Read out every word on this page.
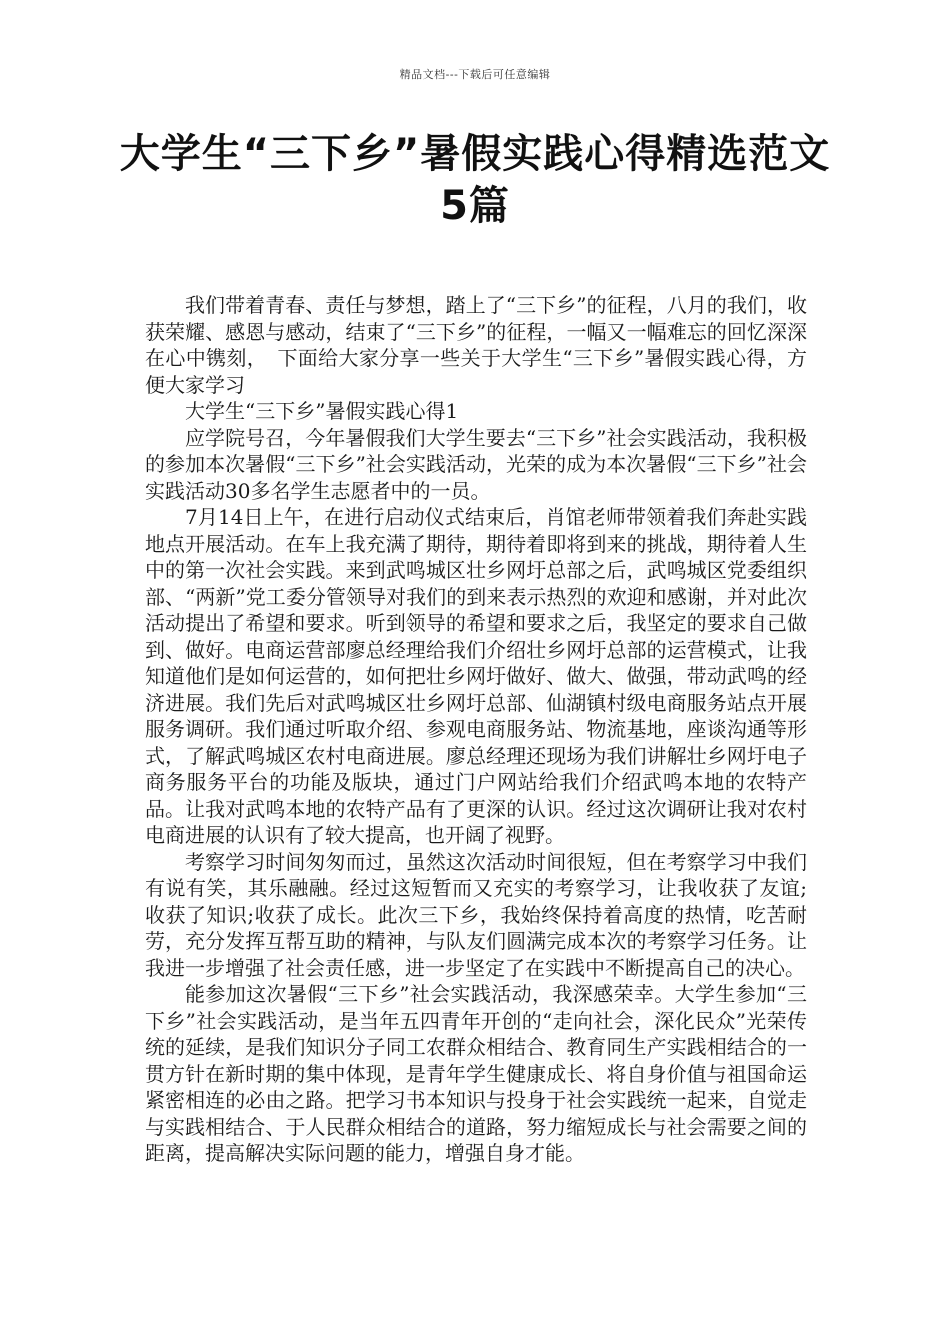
精品文档---下载后可任意编辑
大学生“三下乡”暑假实践心得精选范文5篇

我们带着青春、责任与梦想，踏上了“三下乡”的征程，八月的我们，收获荣耀、感恩与感动，结束了“三下乡”的征程，一幅又一幅难忘的回忆深深在心中镌刻，　下面给大家分享一些关于大学生“三下乡”暑假实践心得，方便大家学习

大学生“三下乡”暑假实践心得1

应学院号召，今年暑假我们大学生要去“三下乡”社会实践活动，我积极的参加本次暑假“三下乡”社会实践活动，光荣的成为本次暑假“三下乡”社会实践活动30多名学生志愿者中的一员。

7月14日上午，在进行启动仪式结束后，肖馆老师带领着我们奔赴实践地点开展活动。在车上我充满了期待，期待着即将到来的挑战，期待着人生中的第一次社会实践。来到武鸣城区壮乡网圩总部之后，武鸣城区党委组织部、“两新”党工委分管领导对我们的到来表示热烈的欢迎和感谢，并对此次活动提出了希望和要求。听到领导的希望和要求之后，我坚定的要求自己做到、做好。电商运营部廖总经理给我们介绍壮乡网圩总部的运营模式，让我知道他们是如何运营的，如何把壮乡网圩做好、做大、做强，带动武鸣的经济进展。我们先后对武鸣城区壮乡网圩总部、仙湖镇村级电商服务站点开展服务调研。我们通过听取介绍、参观电商服务站、物流基地，座谈沟通等形式，了解武鸣城区农村电商进展。廖总经理还现场为我们讲解壮乡网圩电子商务服务平台的功能及版块，通过门户网站给我们介绍武鸣本地的农特产品。让我对武鸣本地的农特产品有了更深的认识。经过这次调研让我对农村电商进展的认识有了较大提高，也开阔了视野。

考察学习时间匆匆而过，虽然这次活动时间很短，但在考察学习中我们有说有笑，其乐融融。经过这短暂而又充实的考察学习，让我收获了友谊;收获了知识;收获了成长。此次三下乡，我始终保持着高度的热情，吃苦耐劳，充分发挥互帮互助的精神，与队友们圆满完成本次的考察学习任务。让我进一步增强了社会责任感，进一步坚定了在实践中不断提高自己的决心。

能参加这次暑假“三下乡”社会实践活动，我深感荣幸。大学生参加“三下乡”社会实践活动，是当年五四青年开创的“走向社会，深化民众”光荣传统的延续，是我们知识分子同工农群众相结合、教育同生产实践相结合的一贯方针在新时期的集中体现，是青年学生健康成长、将自身价值与祖国命运紧密相连的必由之路。把学习书本知识与投身于社会实践统一起来，自觉走与实践相结合、于人民群众相结合的道路，努力缩短成长与社会需要之间的距离，提高解决实际问题的能力，增强自身才能。
